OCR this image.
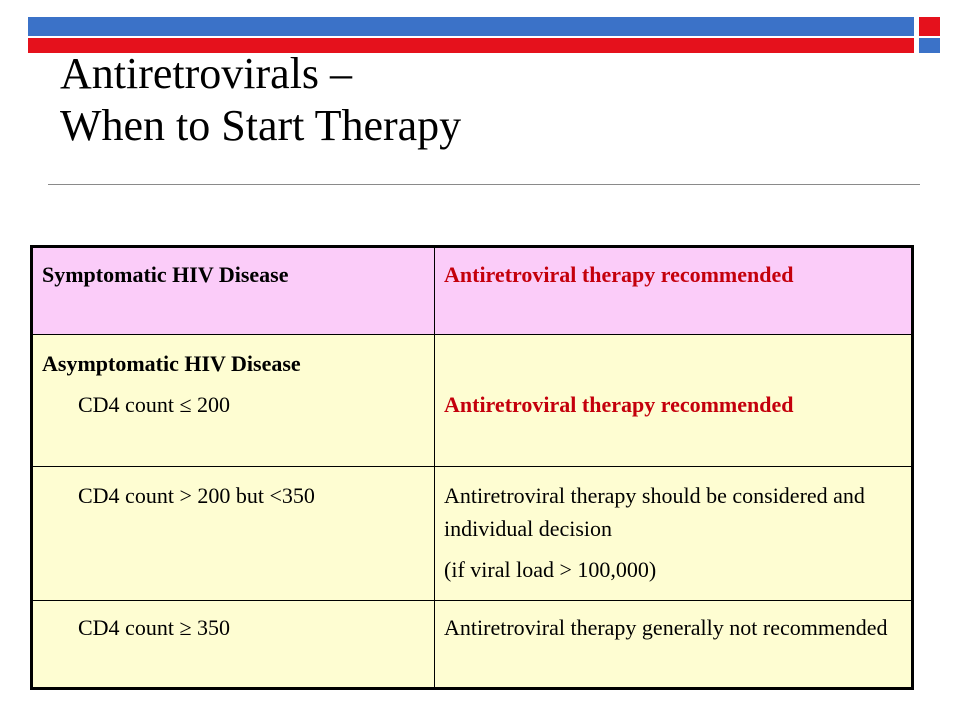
Antiretrovirals –
When to Start Therapy
Symptomatic HIV Disease	Antiretroviral therapy recommended
Asymptomatic HIV Disease
CD4 count ≤ 200	Antiretroviral therapy recommended
CD4 count > 200 but <350	Antiretroviral therapy should be considered and individual decision
(if viral load > 100,000)
CD4 count ≥ 350	Antiretroviral therapy generally not recommended
